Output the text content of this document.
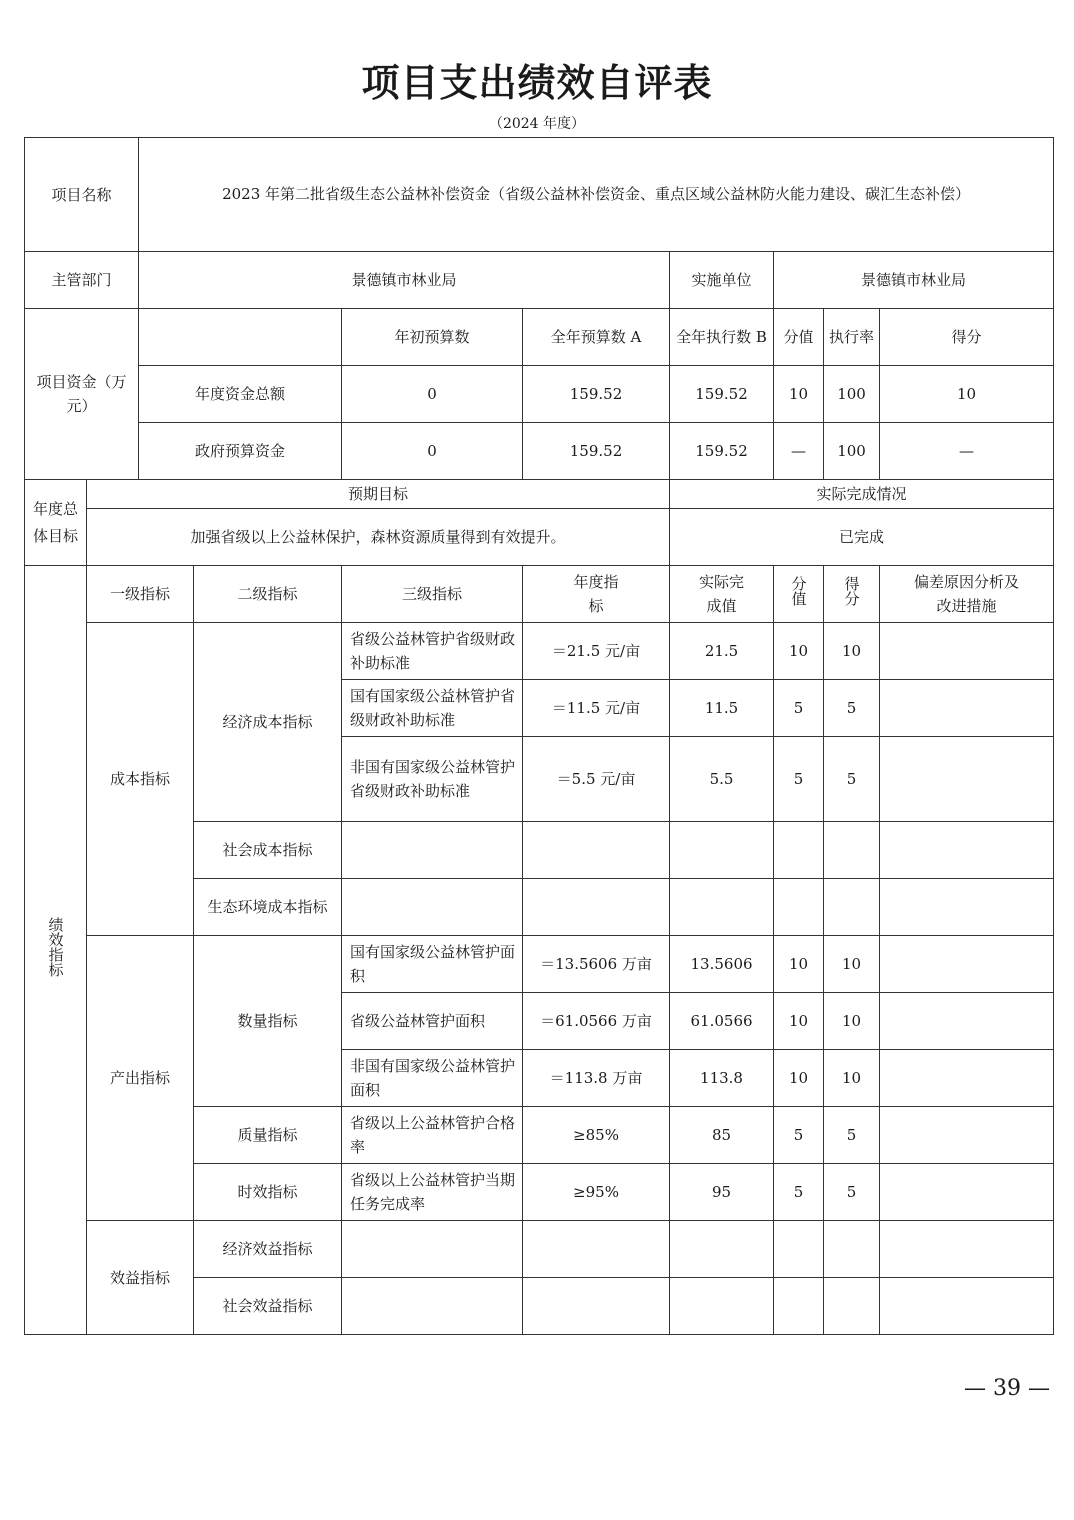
项目支出绩效自评表
（2024 年度）
项目名称		2023 年第二批省级生态公益林补偿资金（省级公益林补偿资金、重点区域公益林防火能力建设、碳汇生态补偿）							
主管部门		景德镇市林业局				实施单位	景德镇市林业局		
项目资金（万元）				年初预算数	全年预算数 A	全年执行数 B	分值	执行率	得分
		年度资金总额		0	159.52	159.52	10	100	10
		政府预算资金		0	159.52	159.52	—	100	—
年度总体目标	预期目标					实际完成情况			
	加强省级以上公益林保护，森林资源质量得到有效提升。					已完成			
绩效指标	一级指标		二级指标	三级指标	年度指标	实际完成值	分值	得分	偏差原因分析及改进措施
	成本指标		经济成本指标	省级公益林管护省级财政补助标准	＝21.5 元/亩	21.5	10	10	
				国有国家级公益林管护省级财政补助标准	＝11.5 元/亩	11.5	5	5	
				非国有国家级公益林管护省级财政补助标准	＝5.5 元/亩	5.5	5	5	
			社会成本指标						
			生态环境成本指标						
	产出指标		数量指标	国有国家级公益林管护面积	＝13.5606 万亩	13.5606	10	10	
				省级公益林管护面积	＝61.0566 万亩	61.0566	10	10	
				非国有国家级公益林管护面积	＝113.8 万亩	113.8	10	10	
			质量指标	省级以上公益林管护合格率	≥85%	85	5	5	
			时效指标	省级以上公益林管护当期任务完成率	≥95%	95	5	5	
	效益指标		经济效益指标						
			社会效益指标						
— 39 —
